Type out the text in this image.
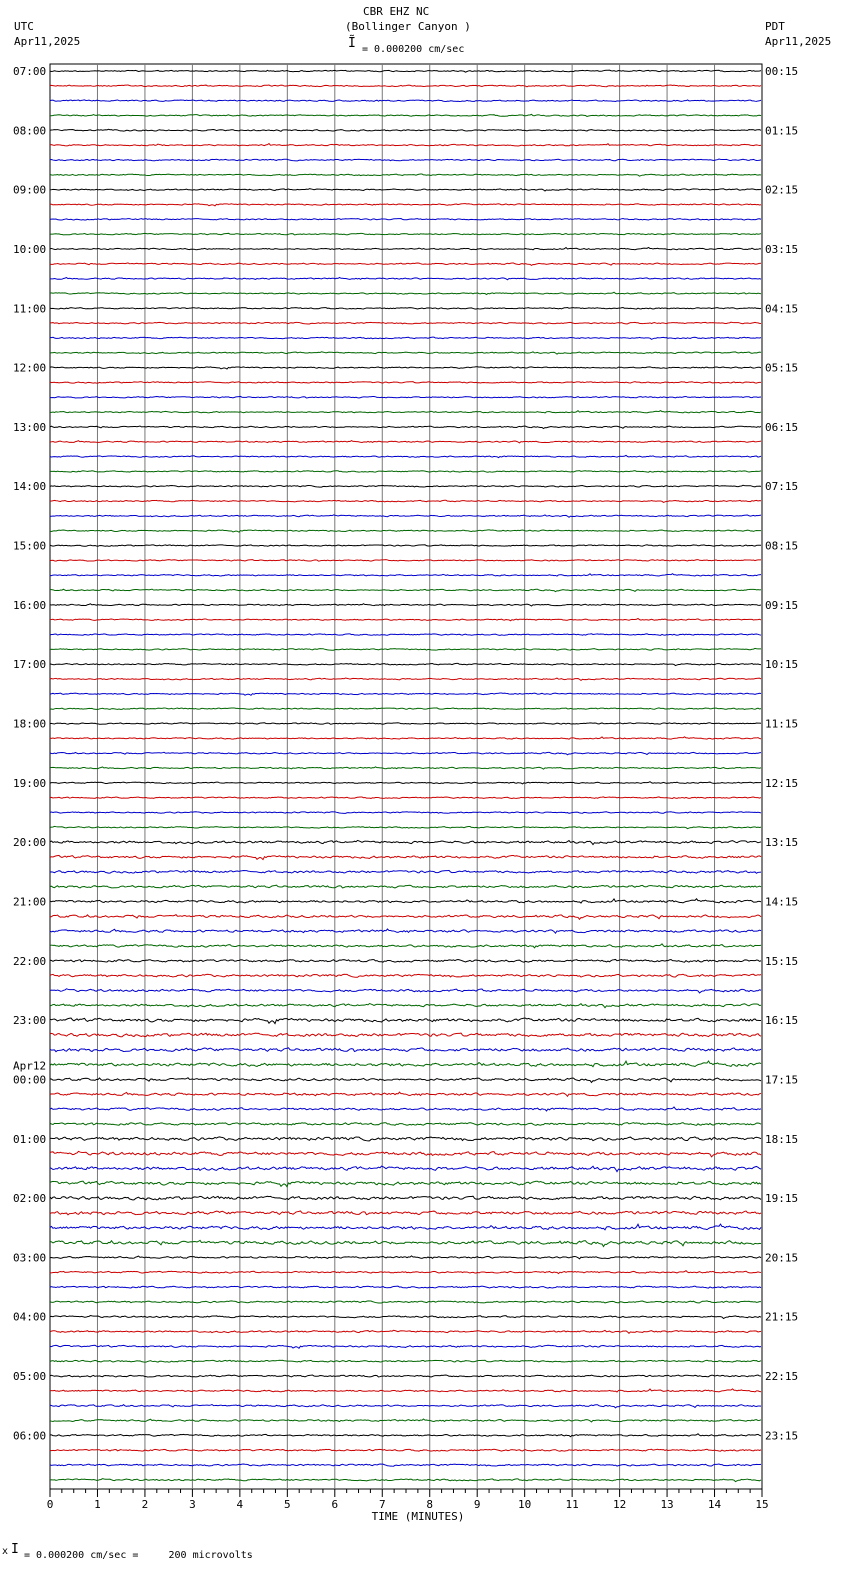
CBR EHZ NC
(Bollinger Canyon )
UTC
Apr11,2025
PDT
Apr11,2025
Ĩ = 0.000200 cm/sec
07:00	00:15
08:00	01:15
09:00	02:15
10:00	03:15
11:00	04:15
12:00	05:15
13:00	06:15
14:00	07:15
15:00	08:15
16:00	09:15
17:00	10:15
18:00	11:15
19:00	12:15
20:00	13:15
21:00	14:15
22:00	15:15
23:00	16:15
00:00	17:15
01:00	18:15
02:00	19:15
03:00	20:15
04:00	21:15
05:00	22:15
06:00	23:15
Apr12
0	1	2	3	4	5	6	7	8	9	10	11	12	13	14	15
TIME (MINUTES)
x I = 0.000200 cm/sec =     200 microvolts
